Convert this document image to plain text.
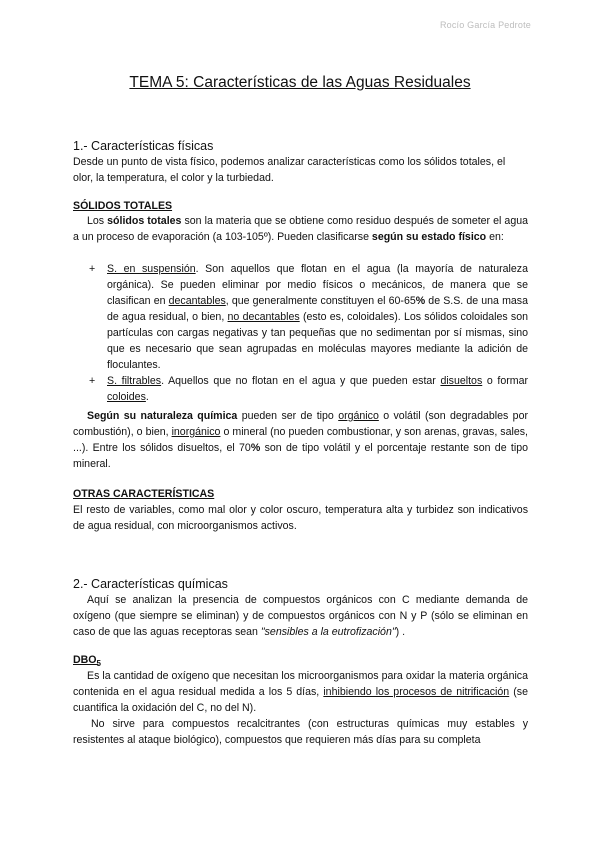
Rocío García Pedrote
TEMA 5: Características de las Aguas Residuales
1.- Características físicas
Desde un punto de vista físico, podemos analizar características como los sólidos totales, el olor, la temperatura, el color y la turbiedad.
SÓLIDOS TOTALES
Los sólidos totales son la materia que se obtiene como residuo después de someter el agua a un proceso de evaporación (a 103-105º). Pueden clasificarse según su estado físico en:
+ S. en suspensión. Son aquellos que flotan en el agua (la mayoría de naturaleza orgánica). Se pueden eliminar por medio físicos o mecánicos, de manera que se clasifican en decantables, que generalmente constituyen el 60-65% de S.S. de una masa de agua residual, o bien, no decantables (esto es, coloidales). Los sólidos coloidales son partículas con cargas negativas y tan pequeñas que no sedimentan por sí mismas, sino que es necesario que sean agrupadas en moléculas mayores mediante la adición de floculantes.
+ S. filtrables. Aquellos que no flotan en el agua y que pueden estar disueltos o formar coloides.
Según su naturaleza química pueden ser de tipo orgánico o volátil (son degradables por combustión), o bien, inorgánico o mineral (no pueden combustionar, y son arenas, gravas, sales, ...). Entre los sólidos disueltos, el 70% son de tipo volátil y el porcentaje restante son de tipo mineral.
OTRAS CARACTERÍSTICAS
El resto de variables, como mal olor y color oscuro, temperatura alta y turbidez son indicativos de agua residual, con microorganismos activos.
2.- Características químicas
Aquí se analizan la presencia de compuestos orgánicos con C mediante demanda de oxígeno (que siempre se eliminan) y de compuestos orgánicos con N y P (sólo se eliminan en caso de que las aguas receptoras sean "sensibles a la eutrofización") .
$DBO_5$
Es la cantidad de oxígeno que necesitan los microorganismos para oxidar la materia orgánica contenida en el agua residual medida a los 5 días, inhibiendo los procesos de nitrificación (se cuantifica la oxidación del C, no del N).
No sirve para compuestos recalcitrantes (con estructuras químicas muy estables y resistentes al ataque biológico), compuestos que requieren más días para su completa
